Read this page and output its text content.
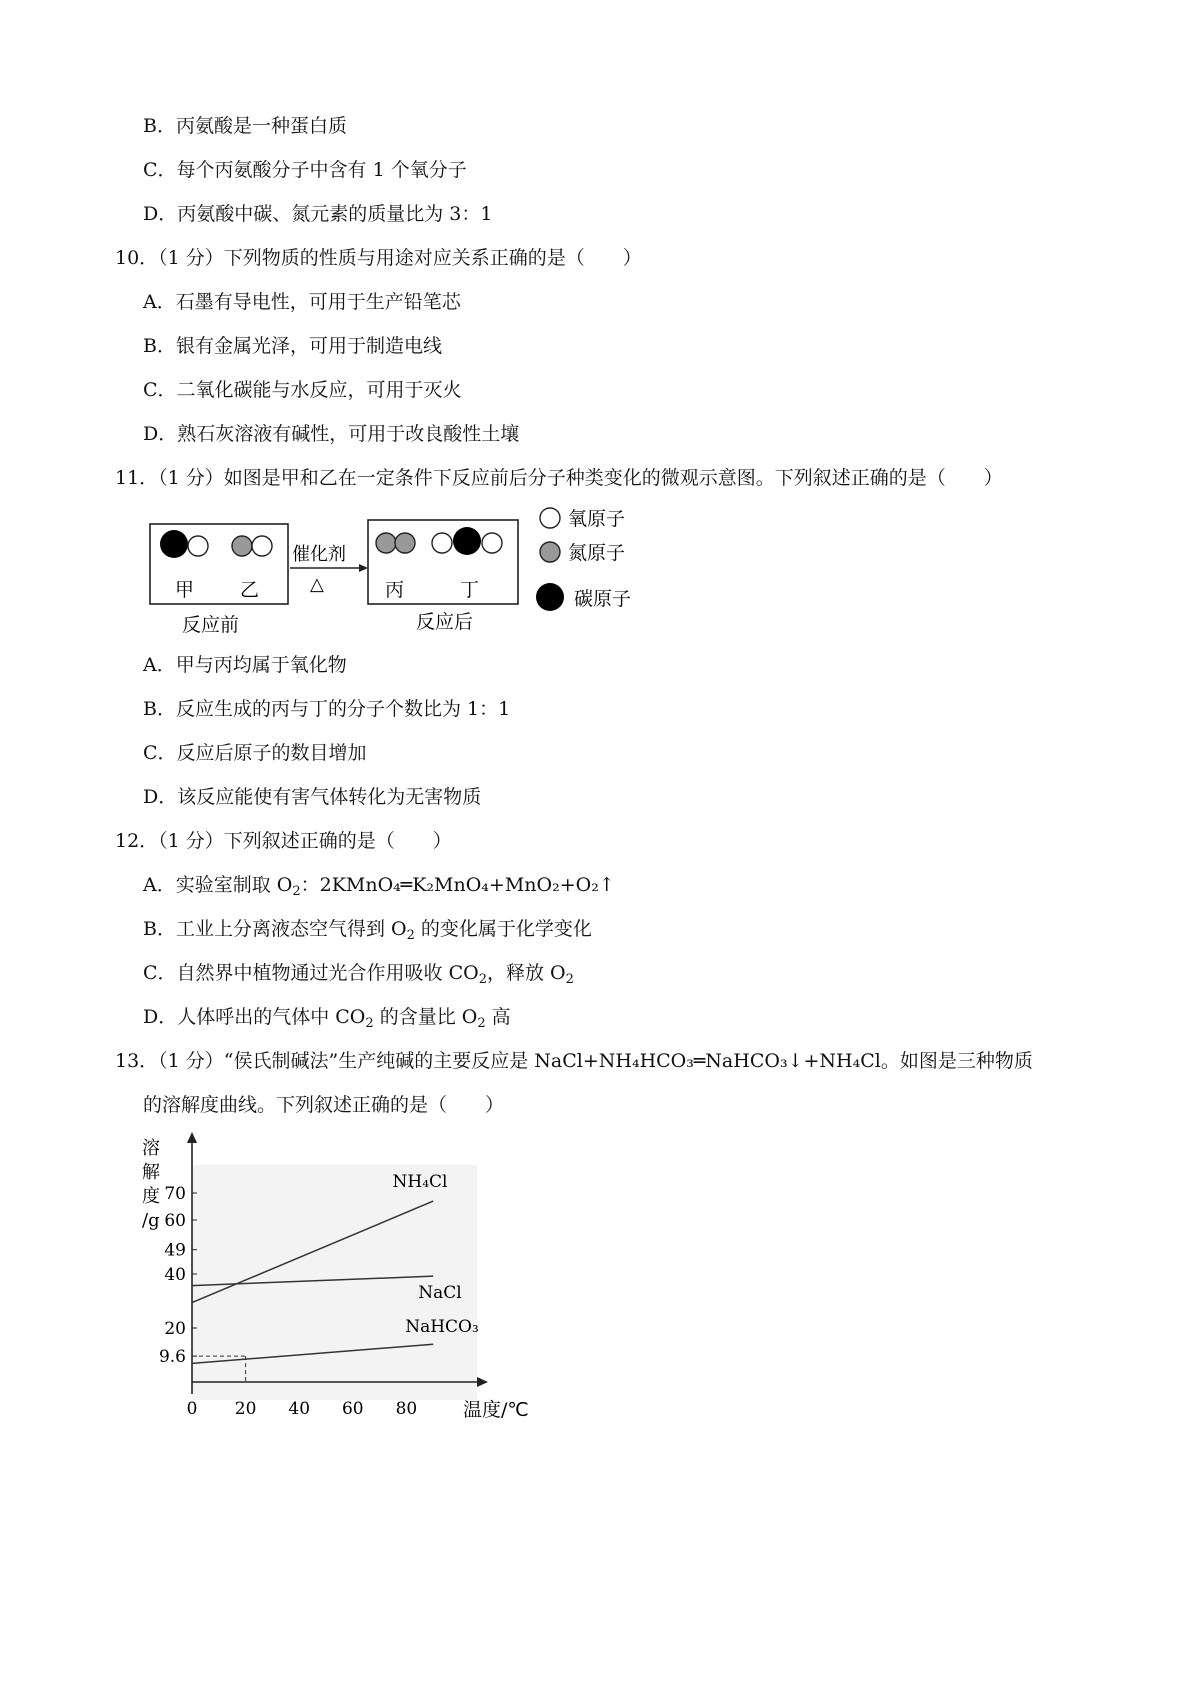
B．丙氨酸是一种蛋白质
C．每个丙氨酸分子中含有 1 个氧分子
D．丙氨酸中碳、氮元素的质量比为 3：1
10．（1 分）下列物质的性质与用途对应关系正确的是（　　）
A．石墨有导电性，可用于生产铅笔芯
B．银有金属光泽，可用于制造电线
C．二氧化碳能与水反应，可用于灭火
D．熟石灰溶液有碱性，可用于改良酸性土壤
11．（1 分）如图是甲和乙在一定条件下反应前后分子种类变化的微观示意图。下列叙述正确的是（　　）
甲 乙
反应前
催化剂
△	丙	丁
反应后
氧原子
氮原子
碳原子
A．甲与丙均属于氧化物
B．反应生成的丙与丁的分子个数比为 1：1
C．反应后原子的数目增加
D．该反应能使有害气体转化为无害物质
12．（1 分）下列叙述正确的是（　　）
A．实验室制取 $O_2$：2KMnO₄═K₂MnO₄+MnO₂+O₂↑
B．工业上分离液态空气得到 $O_2$ 的变化属于化学变化
C．自然界中植物通过光合作用吸收 $CO_2$，释放 $O_2$
D．人体呼出的气体中 $CO_2$ 的含量比 $O_2$ 高
13．（1 分）“侯氏制碱法”生产纯碱的主要反应是 NaCl+NH₄HCO₃═NaHCO₃↓+NH₄Cl。如图是三种物质
的溶解度曲线。下列叙述正确的是（　　）
溶
解
度
/g
9.6
20
40
49
60
70
0 20 40 60 80 温度/℃
NH₄Cl
NaCl
NaHCO₃
